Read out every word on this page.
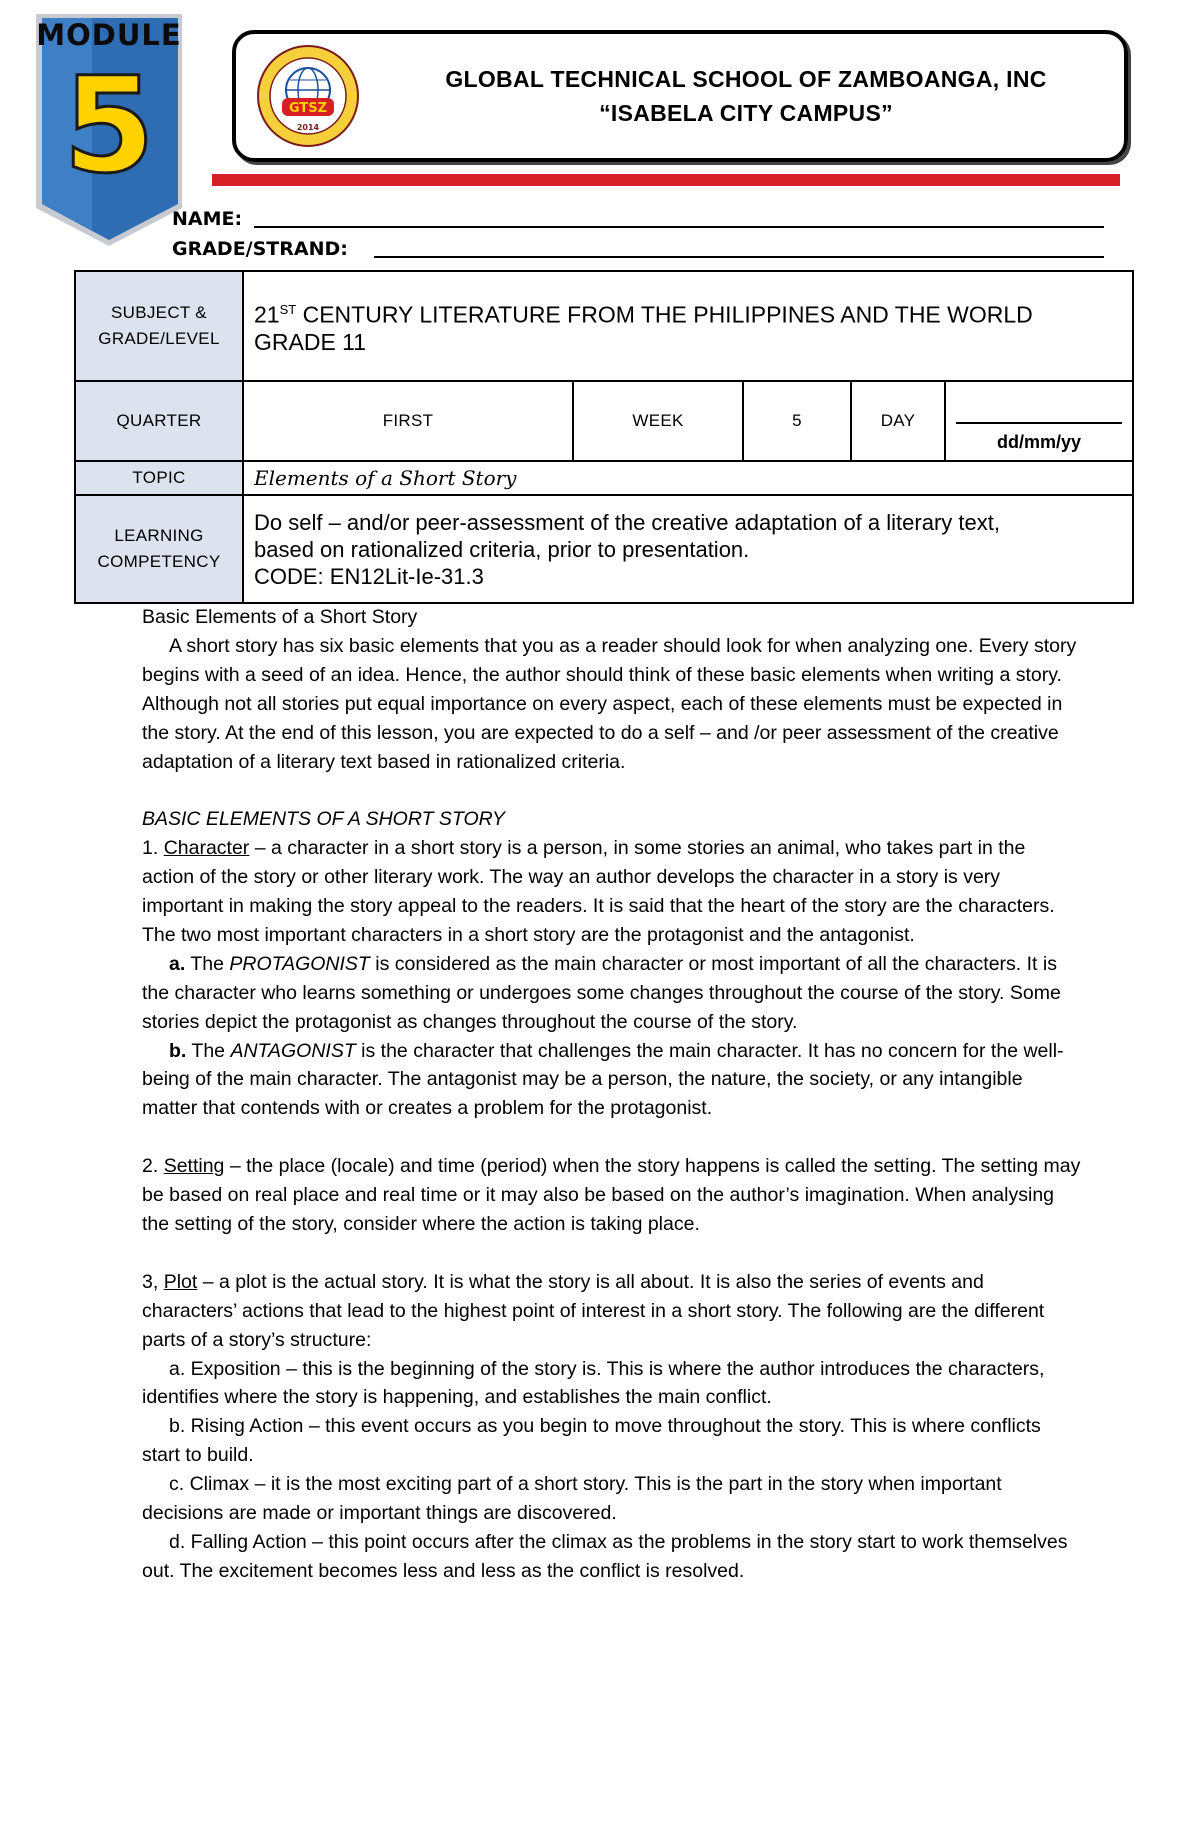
MODULE
5	GTSZ
2014
GLOBAL TECHNICAL SCHOOL OF ZAMBOANGA, INC
“ISABELA CITY CAMPUS”
NAME:
GRADE/STRAND:
SUBJECT &
GRADE/LEVEL	21ST CENTURY LITERATURE FROM THE PHILIPPINES AND THE WORLD
GRADE 11				
QUARTER	FIRST	WEEK	5	DAY	dd/mm/yy

TOPIC	Elements of a Short Story				
LEARNING
COMPETENCY	Do self – and/or peer-assessment of the creative adaptation of a literary text,
based on rationalized criteria, prior to presentation.
CODE: EN12Lit-Ie-31.3				

Basic Elements of a Short Story

A short story has six basic elements that you as a reader should look for when analyzing one. Every story begins with a seed of an idea. Hence, the author should think of these basic elements when writing a story. Although not all stories put equal importance on every aspect, each of these elements must be expected in the story. At the end of this lesson, you are expected to do a self – and /or peer assessment of the creative adaptation of a literary text based in rationalized criteria.

BASIC ELEMENTS OF A SHORT STORY

1. Character – a character in a short story is a person, in some stories an animal, who takes part in the action of the story or other literary work. The way an author develops the character in a story is very important in making the story appeal to the readers. It is said that the heart of the story are the characters. The two most important characters in a short story are the protagonist and the antagonist.

a. The PROTAGONIST is considered as the main character or most important of all the characters. It is the character who learns something or undergoes some changes throughout the course of the story. Some stories depict the protagonist as changes throughout the course of the story.

b. The ANTAGONIST is the character that challenges the main character. It has no concern for the well-being of the main character. The antagonist may be a person, the nature, the society, or any intangible matter that contends with or creates a problem for the protagonist.

2. Setting – the place (locale) and time (period) when the story happens is called the setting. The setting may be based on real place and real time or it may also be based on the author’s imagination. When analysing the setting of the story, consider where the action is taking place.

3, Plot – a plot is the actual story. It is what the story is all about. It is also the series of events and characters’ actions that lead to the highest point of interest in a short story. The following are the different parts of a story’s structure:

a. Exposition – this is the beginning of the story is. This is where the author introduces the characters, identifies where the story is happening, and establishes the main conflict.

b. Rising Action – this event occurs as you begin to move throughout the story. This is where conflicts start to build.

c. Climax – it is the most exciting part of a short story. This is the part in the story when important decisions are made or important things are discovered.

d. Falling Action – this point occurs after the climax as the problems in the story start to work themselves out. The excitement becomes less and less as the conflict is resolved.
